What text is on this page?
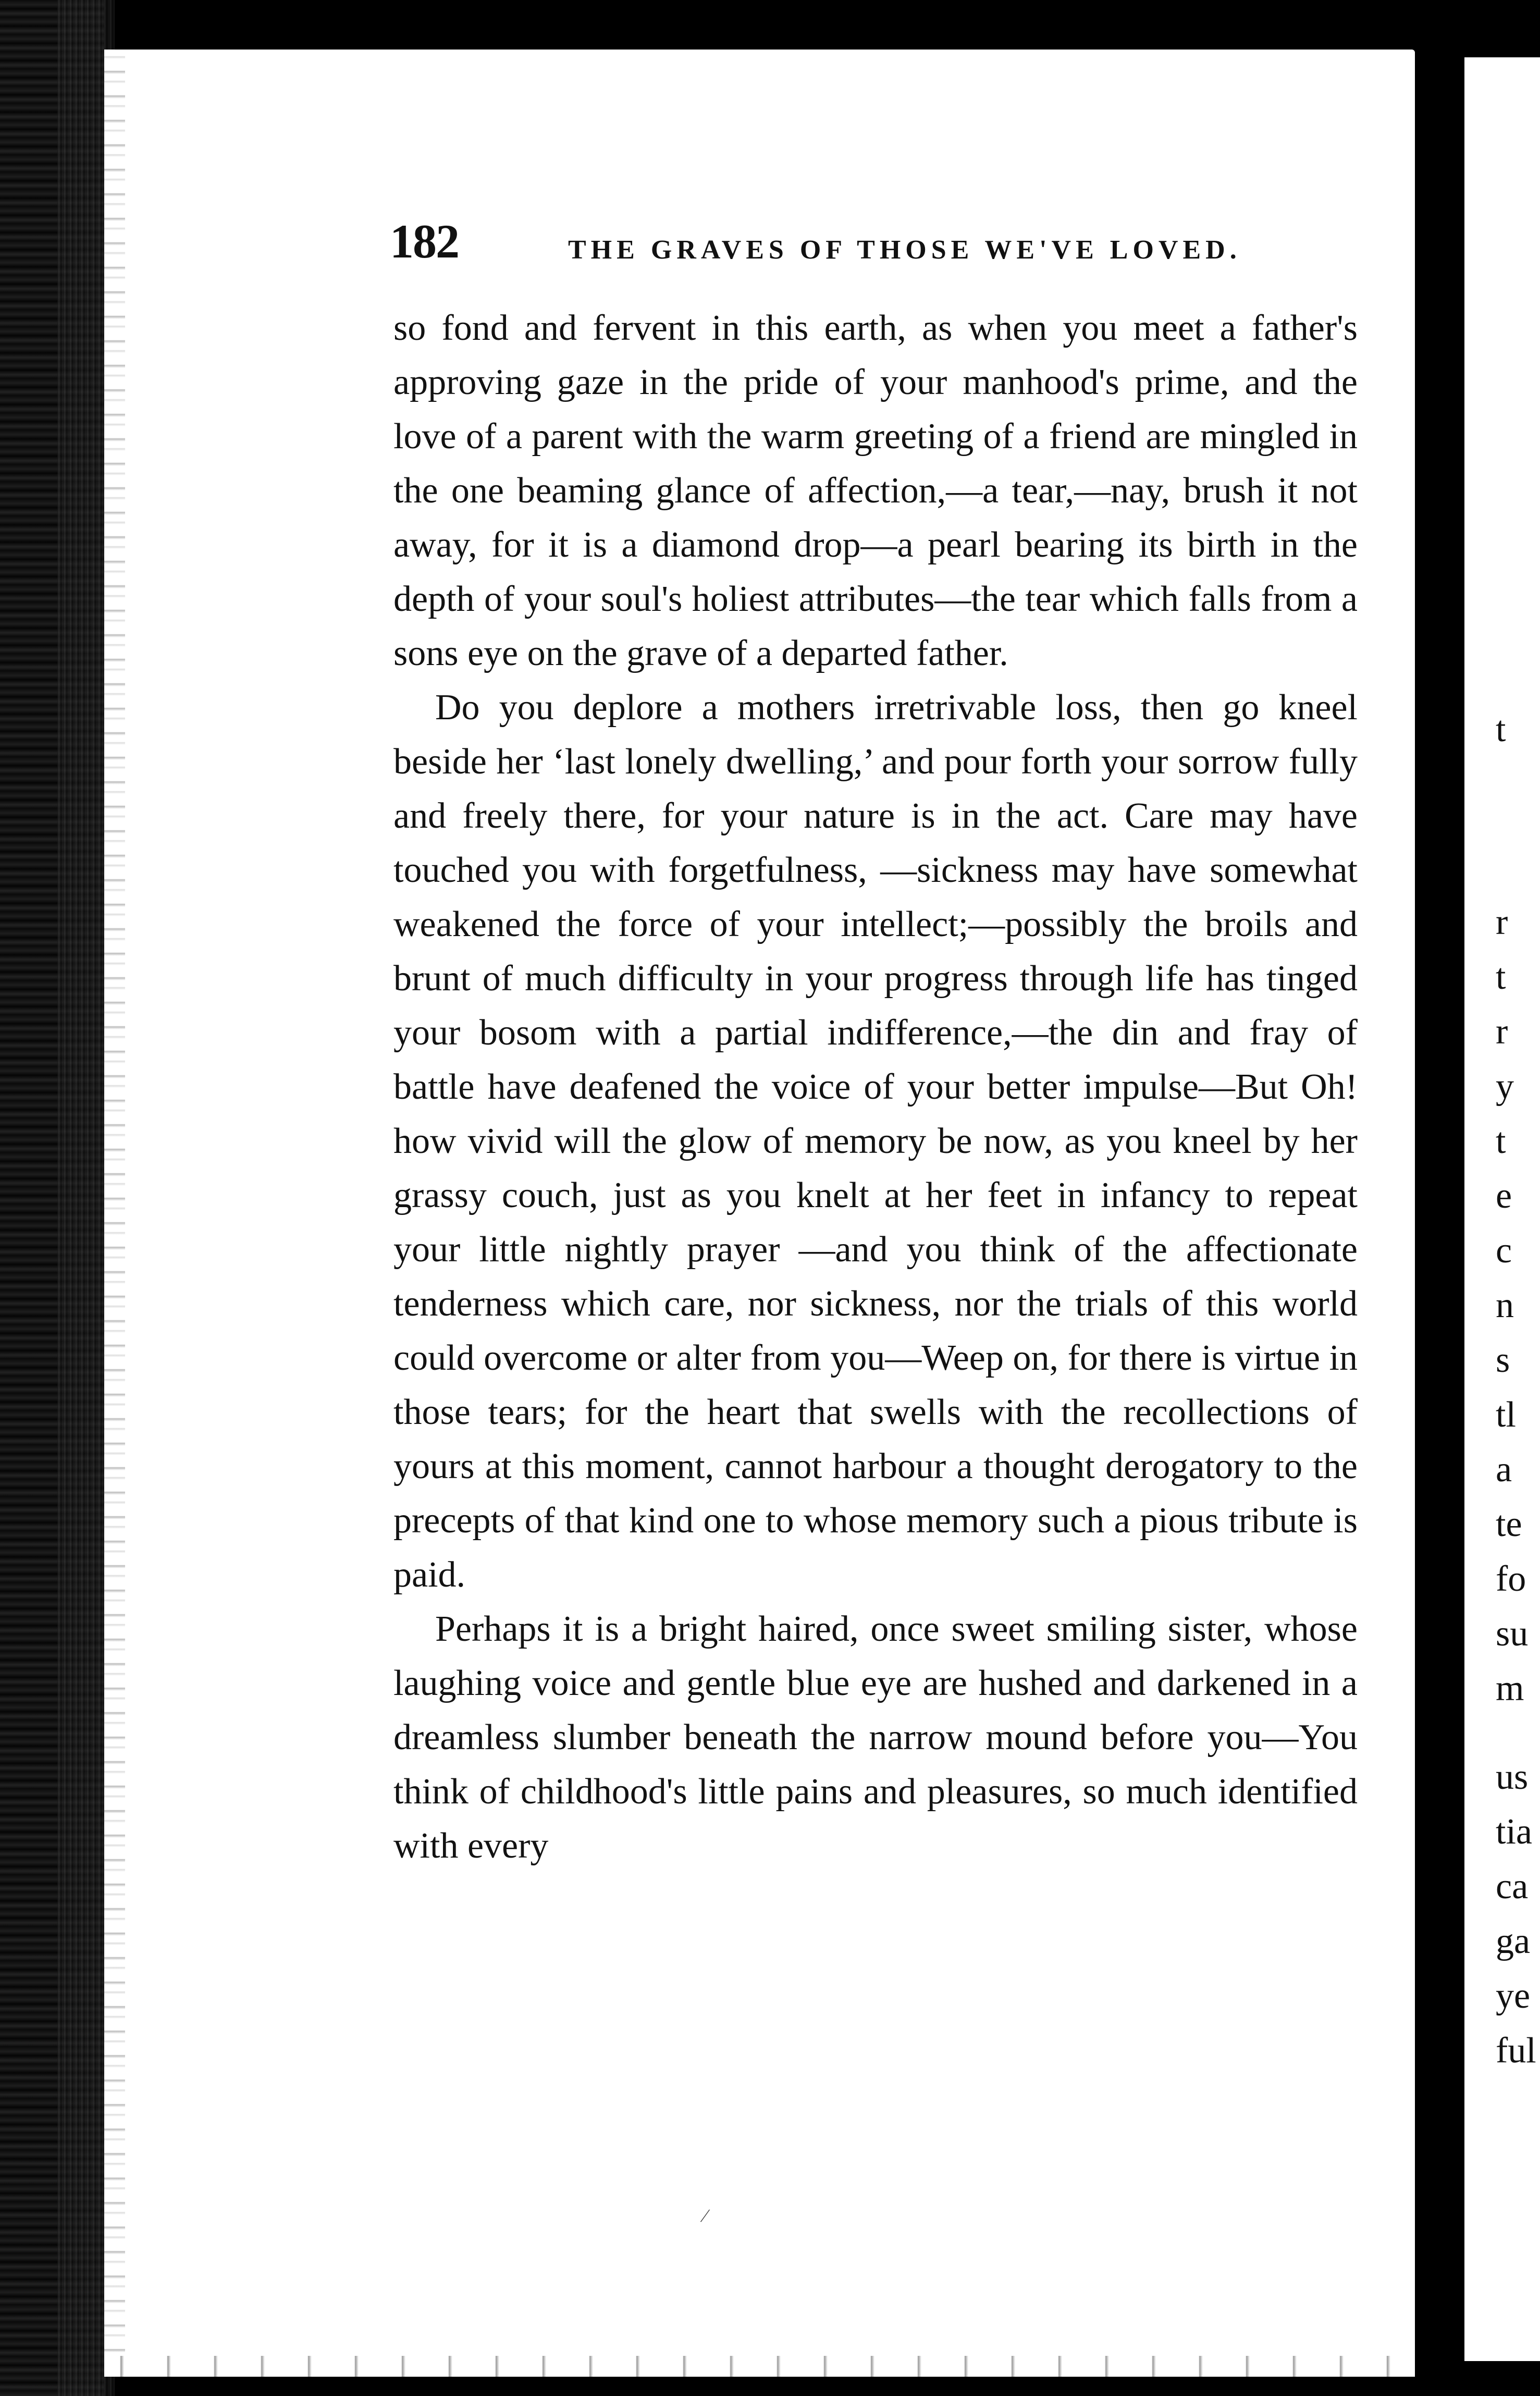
182	THE GRAVES OF THOSE WE'VE LOVED.

so fond and fervent in this earth, as when you meet a father's approving gaze in the pride of your manhood's prime, and the love of a parent with the warm greeting of a friend are mingled in the one beaming glance of affection,—a tear,—nay, brush it not away, for it is a diamond drop—a pearl bearing its birth in the depth of your soul's holiest attributes—the tear which falls from a sons eye on the grave of a departed father.

Do you deplore a mothers irretrivable loss, then go kneel beside her ‘last lonely dwelling,’ and pour forth your sorrow fully and freely there, for your nature is in the act. Care may have touched you with forgetfulness, —sickness may have somewhat weakened the force of your intellect;—possibly the broils and brunt of much difficulty in your progress through life has tinged your bosom with a partial indifference,—the din and fray of battle have deafened the voice of your better impulse—But Oh! how vivid will the glow of memory be now, as you kneel by her grassy couch, just as you knelt at her feet in infancy to repeat your little nightly prayer —and you think of the affectionate tenderness which care, nor sickness, nor the trials of this world could overcome or alter from you—Weep on, for there is virtue in those tears; for the heart that swells with the recollections of yours at this moment, cannot harbour a thought derogatory to the precepts of that kind one to whose memory such a pious tribute is paid.

Perhaps it is a bright haired, once sweet smiling sister, whose laughing voice and gentle blue eye are hushed and darkened in a dreamless slumber beneath the narrow mound before you—You think of childhood's little pains and pleasures, so much identified with every

⁄
t
r
t
r
y
t
e
c
n
s
tl
a
te
fo
su
m
us
tia
ca
ga
ye
ful
